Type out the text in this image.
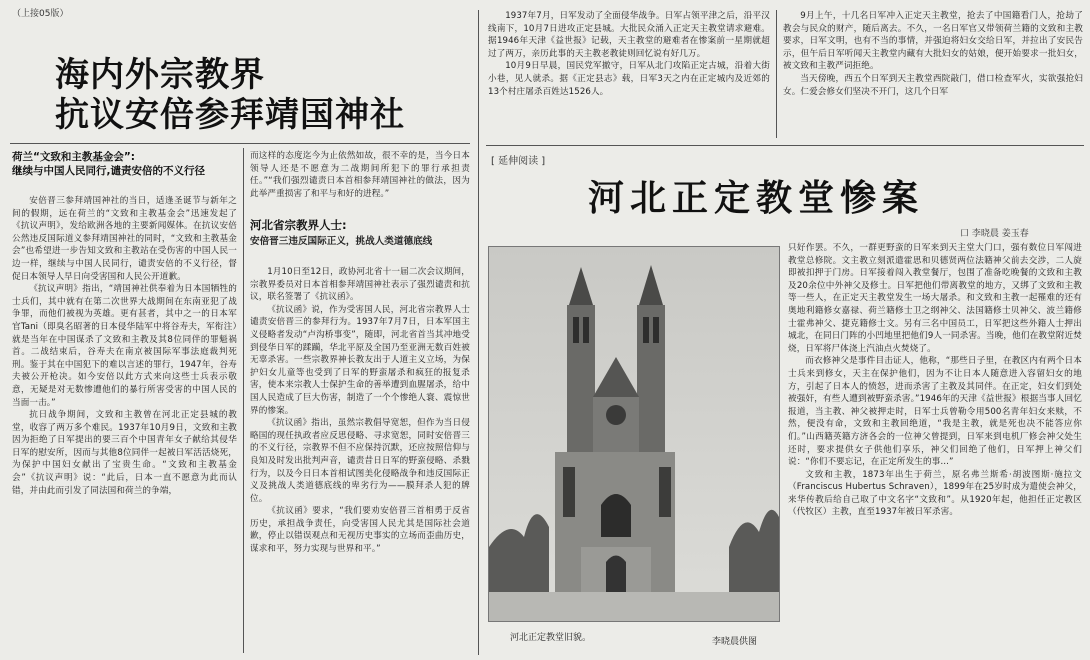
（上接05版）
海内外宗教界
抗议安倍参拜靖国神社
荷兰“文致和主教基金会”:
继续与中国人民同行,谴责安倍的不义行径

安倍晋三参拜靖国神社的当日，适逢圣诞节与新年之间的假期，远在荷兰的“文致和主教基金会”迅速发起了《抗议声明》，发给欧洲各地的主要新闻媒体。在抗议安倍公然违反国际道义参拜靖国神社的同时，“文致和主教基金会”也希望进一步告知文致和主教站在受伤害的中国人民一边一样，继续与中国人民同行，谴责安倍的不义行径，督促日本领导人早日向受害国和人民公开道歉。

《抗议声明》指出，“靖国神社供奉着为日本国牺牲的士兵们，其中就有在第二次世界大战期间在东南亚犯了战争罪，而他们被视为英雄。更有甚者，其中之一的日本军官Tani（即臭名昭著的日本侵华陆军中将谷寿夫，军衔注）就是当年在中国谋杀了文致和主教及其8位同伴的罪魁祸首。二战结束后，谷寿夫在南京被国际军事法庭裁判死刑。鉴于其在中国犯下的难以言述的罪行，1947年，谷寿夫被公开枪决。如今安倍以此方式来向这些士兵表示敬意，无疑是对无数惨遭他们的暴行所害受害的中国人民的当面一击。”

抗日战争期间，文致和主教曾在河北正定县城的教堂，收容了两万多个难民。1937年10月9日，文致和主教因为拒绝了日军提出的要三百个中国青年女子献给其侵华日军的慰安所，因而与其他8位同伴一起被日军活活烧死，为保护中国妇女献出了宝贵生命。“文致和主教基金会”《抗议声明》说：“此后，日本一直不愿意为此而认错，并由此而引发了同法国和荷兰的争端，

而这样的态度迄今为止依然如故，很不幸的是，当今日本领导人还是不愿意为二战期间所犯下的罪行承担责任。”“我们强烈谴责日本首相参拜靖国神社的做法，因为此举严重损害了和平与和好的进程。”

河北省宗教界人士:
安倍晋三违反国际正义，挑战人类道德底线

1月10日至12日，政协河北省十一届二次会议期间，宗教界委员对日本首相参拜靖国神社表示了强烈谴责和抗议，联名签署了《抗议函》。

《抗议函》说，作为受害国人民，河北省宗教界人士谴责安倍晋三的参拜行为。1937年7月7日，日本军国主义侵略者发动“卢沟桥事变”，随即，河北省首当其冲地受到侵华日军的蹂躏，华北平原及全国乃至亚洲无数百姓被无辜杀害。一些宗教界神长教友出于人道主义立场，为保护妇女儿童等也受到了日军的野蛮屠杀和疯狂的报复杀害，使本来宗教人士保护生命的善举遭到血腥屠杀，给中国人民造成了巨大伤害，制造了一个个惨绝人寰、震惊世界的惨案。

《抗议函》指出，虽然宗教倡导宽恕，但作为当日侵略国的现任执政者应反思侵略、寻求宽恕，同时安倍晋三的不义行径，宗教界不但不应保持沉默，还应按照信仰与良知及时发出批判声音，谴责昔日日军的野蛮侵略、杀戮行为，以及今日日本首相试图美化侵略战争和违反国际正义及挑战人类道德底线的卑劣行为——膜拜杀人犯的牌位。

《抗议函》要求，“我们要劝安倍晋三首相勇于反省历史，承担战争责任，向受害国人民尤其是国际社会道歉，停止以错误观点和无视历史事实的立场而歪曲历史，谋求和平，努力实现与世界和平。”

1937年7月，日军发动了全面侵华战争。日军占领平津之后，沿平汉线南下，10月7日进攻正定县城。大批民众涌入正定天主教堂请求避难。据1946年天津《益世报》记载，天主教堂的避难者在惨案前一星期就超过了两万，亲历此事的天主教老教徒则回忆说有好几万。

10月9日早晨，国民党军撤守，日军从北门攻陷正定古城，沿着大街小巷，见人就杀。据《正定县志》载，日军3天之内在正定城内及近郊的13个村庄屠杀百姓达1526人。

9月上午，十几名日军冲入正定天主教堂，抢去了中国籍看门人，抢劫了教会与民众的财产，随后离去。不久，一名日军官又带领荷兰籍的文致和主教要求，日军文明，也有不当的事情，并强迫将妇女交给日军，并拉出了安民告示，但午后日军听闻天主教堂内藏有大批妇女的姑娘，便开始要求一批妇女，被文致和主教严词拒绝。

当天傍晚，西五个日军到天主教堂西院敲门，借口检查军火，实欲强抢妇女。仁爱会修女们坚决不开门，这几个日军

[ 延伸阅读 ]
河北正定教堂惨案
口 李晓晨 姜玉春
河北正定教堂旧貌。	李晓晨供图

只好作罢。不久，一群更野蛮的日军来到天主堂大门口，强有数位日军闯进教堂总修院。文主教立刻派遣霍思和贝德贤两位法籍神父前去交涉，二人旋即被扣押于门房。日军接着闯入教堂餐厅，包围了准备吃晚餐的文致和主教及20余位中外神父及修士。日军把他们带离教堂的地方，又绑了文致和主教等一些人，在正定天主教堂发生一场大屠杀。和文致和主教一起罹难的还有奥地利籍修女嘉禄、荷兰籍修士卫之纲神父、法国籍修士贝神父、波兰籍修士霍弗神父、捷克籍修士文。另有三名中国员工，日军把这些外籍人士押出城北，在同日门阵的小凹地里把他们9人一同杀害。当晚，他们在教堂附近焚烧，日军将尸体浇上汽油点火焚烧了。

而衣修神父是事件目击证人，他称，“那些日子里，在教区内有两个日本士兵来到修女，天主在保护他们，因为不让日本人随意进入容留妇女的地方，引起了日本人的愤怒，进而杀害了主教及其同伴。在正定，妇女们到处被强奸，有些人遭到被野蛮杀害。”1946年的天津《益世报》根据当事人回忆报道，当主教、神父被押走时，日军士兵曾勒令用500名青年妇女来赎，不然，便没有命，文致和主教回绝道，“我是主教，就是死也决不能答应你们。”山西籍英籍方济各会的一位神父曾提到，日军来到电机厂修会神父处生还时，要求提供女子供他们享乐，神父们回绝了他们，日军押上神父们说：“你们不要忘记，在正定所发生的事…”

文致和主教，1873年出生于荷兰，原名弗兰斯希·胡波图斯·施拉文（Franciscus Hubertus Schraven），1899年在25岁时成为遣使会神父，来华传教后给自己取了中文名字“文致和”。从1920年起，他担任正定教区（代牧区）主教，直至1937年被日军杀害。
